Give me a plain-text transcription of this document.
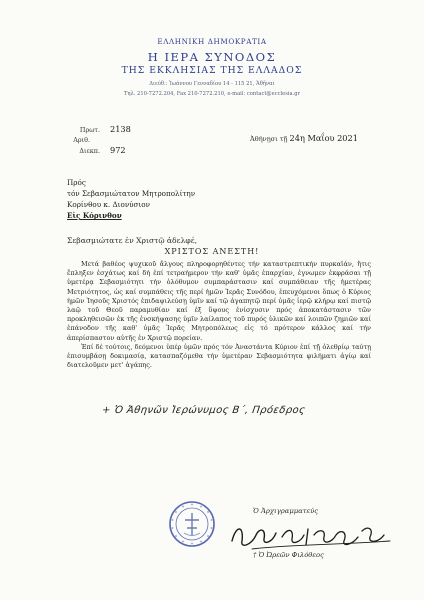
ΕΛΛΗΝΙΚΗ ΔΗΜΟΚΡΑΤΙΑ
Η ΙΕΡΑ ΣΥΝΟΔΟΣ
ΤΗΣ ΕΚΚΛΗΣΙΑΣ ΤΗΣ ΕΛΛΑΔΟΣ
Διεύθ.: Ἰωάννου Γενναδίου 14 - 115 21, Ἀθῆναι
Τηλ. 210-7272.204, Fax 210-7272.210, e-mail: contact@ecclesia.gr
Πρωτ. 2138
Αριθ.
Διεκπ. 972
Ἀθήνῃσι τῇ 24η Μαΐου 2021
Πρός
τόν Σεβασμιώτατον Μητροπολίτην
Κορίνθου κ. Διονύσιον
Εἰς Κόρινθον
Σεβασμιώτατε ἐν Χριστῷ ἀδελφέ,
ΧΡΙΣΤΟΣ ΑΝΕΣΤΗ!

Μετά βαθέος ψυχικοῦ ἄλγους πληροφορηθέντες τήν καταστρεπτικήν πυρκαϊάν, ἥτις ἔπληξεν ἐσχάτως καί δή ἐπί τετραήμερον τήν καθ' ὑμᾶς ἐπαρχίαν, ἐγνωμεν ἐκφράσαι τῇ ὑμετέρᾳ Σεβασμιότητι τήν ὁλόθυμον συμπαράστασιν καί συμπάθειαν τῆς ἡμετέρας Μετριότητος, ὡς καί συμπάθεις τῆς περί ἡμῶν Ἱερᾶς Συνόδου, ἐπευχόμενοι ὅπως ὁ Κύριος ἡμῶν Ἰησοῦς Χριστός ἐπιδαψιλεύσῃ ὑμῖν καί τῷ ἀγαπητῷ περί ὑμᾶς ἱερῷ κλήρῳ καί πιστῷ λαῷ τοῦ Θεοῦ παραμυθίαν καί ἐξ ὕψους ἐνίσχυσιν πρός ἀποκατάστασιν τῶν προκληθεισῶν ἐκ τῆς ἐνσκήψασης ὑμῖν λαίλαπος τοῦ πυρός ὑλικῶν καί λοιπῶν ζημιῶν καί ἐπάνοδον τῆς καθ' ὑμᾶς Ἱερᾶς Μητροπόλεως εἰς τό πρότερον κάλλος καί τήν ἀπερίσπαστον αὐτῆς ἐν Χριστῷ πορείαν.

Ἐπί δέ τούτοις, δεόμενοι ὑπέρ ὑμῶν πρός τόν Ἀναστάντα Κύριον ἐπί τῇ ὀλεθρίῳ ταύτῃ ἐπισυμβάσῃ δοκιμασίᾳ, κατασπαζόμεθα τήν ὑμετέραν Σεβασμιότητα φιλήματι ἁγίῳ καί διατελοῦμεν μετ' ἀγάπης.

+ Ὁ Ἀθηνῶν Ἱερώνυμος Β΄, Πρόεδρος
Ὁ Ἀρχιγραμματεύς
† Ὁ Ὠρεῶν Φιλόθεος
